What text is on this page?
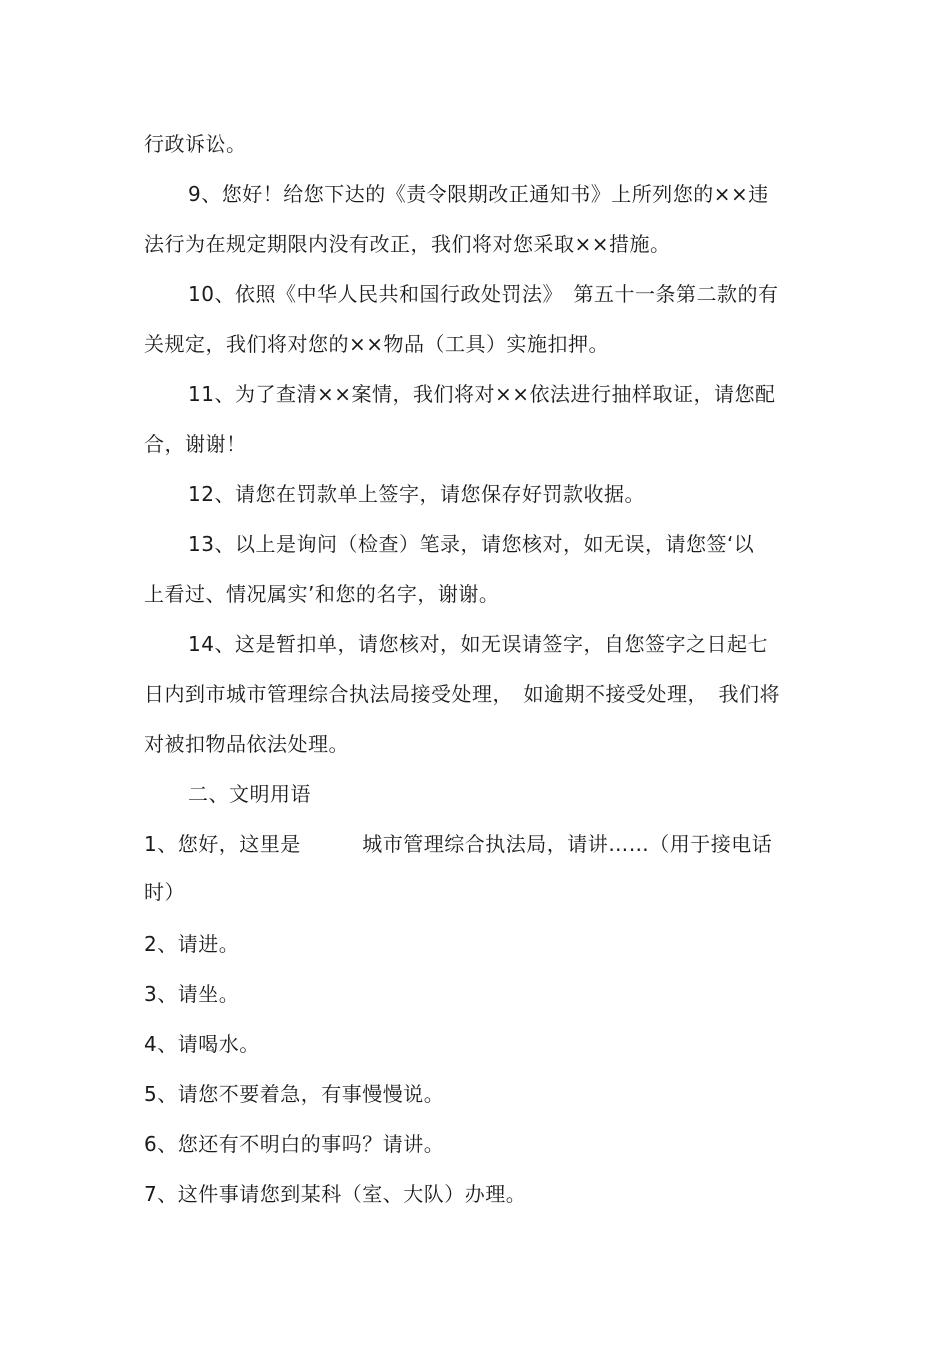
行政诉讼。
9、您好！给您下达的《责令限期改正通知书》上所列您的××违
法行为在规定期限内没有改正，我们将对您采取××措施。
10、依照《中华人民共和国行政处罚法》　第五十一条第二款的有
关规定，我们将对您的××物品（工具）实施扣押。
11、为了查清××案情，我们将对××依法进行抽样取证，请您配
合，谢谢！
12、请您在罚款单上签字，请您保存好罚款收据。
13、以上是询问（检查）笔录，请您核对，如无误，请您签‘以
上看过、情况属实’和您的名字，谢谢。
14、这是暂扣单，请您核对，如无误请签字，自您签字之日起七
日内到市城市管理综合执法局接受处理，　如逾期不接受处理，　我们将
对被扣物品依法处理。
二、文明用语
1、您好，这里是　　　城市管理综合执法局，请讲……（用于接电话
时）
2、请进。
3、请坐。
4、请喝水。
5、请您不要着急，有事慢慢说。
6、您还有不明白的事吗？请讲。
7、这件事请您到某科（室、大队）办理。
